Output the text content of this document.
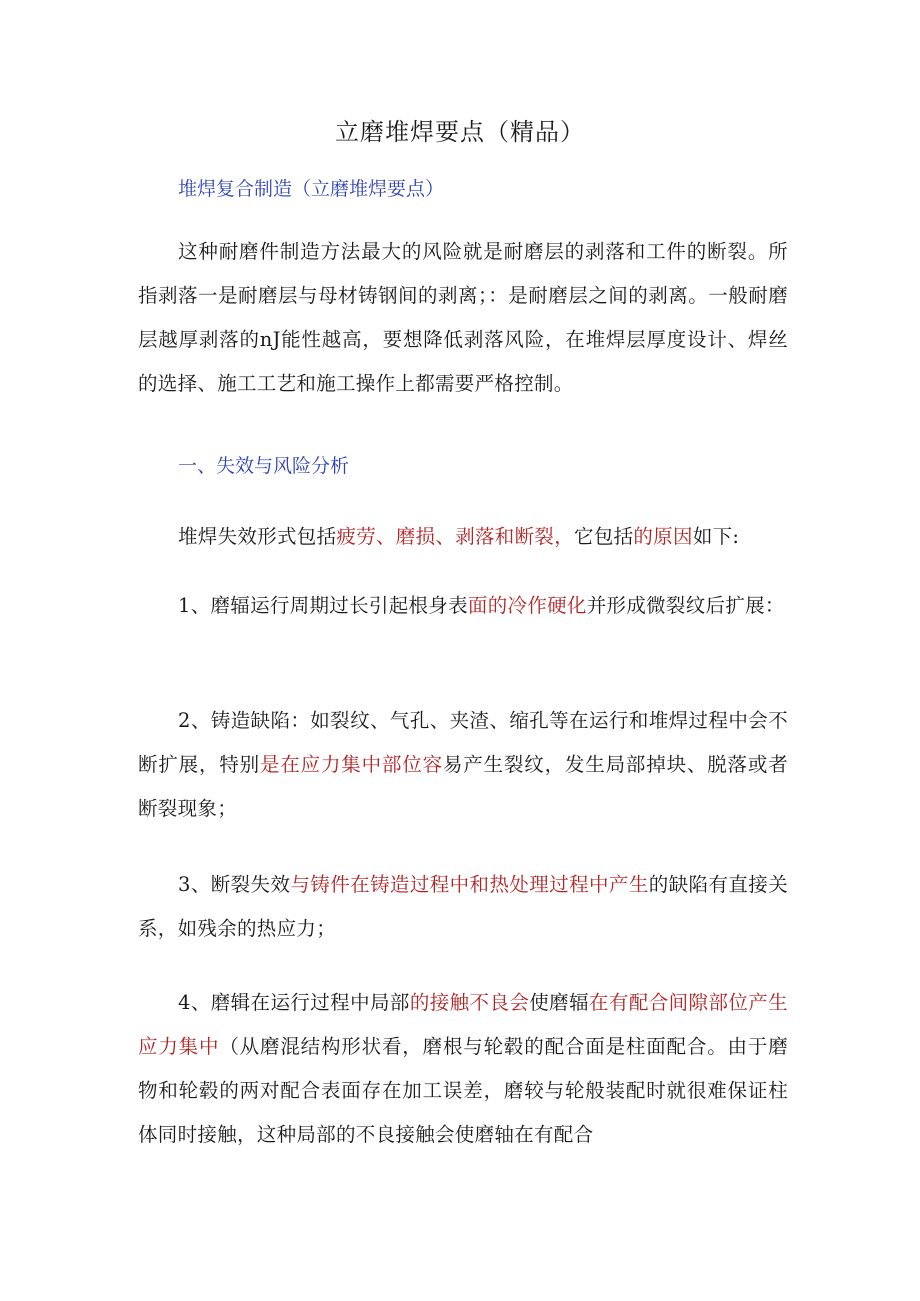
立磨堆焊要点（精品）
堆焊复合制造（立磨堆焊要点）
这种耐磨件制造方法最大的风险就是耐磨层的剥落和工件的断裂。所指剥落一是耐磨层与母材铸钢间的剥离；：是耐磨层之间的剥离。一般耐磨层越厚剥落的nJ能性越高，要想降低剥落风险，在堆焊层厚度设计、焊丝的选择、施工工艺和施工操作上都需要严格控制。
一、失效与风险分析
堆焊失效形式包括疲劳、磨损、剥落和断裂，它包括的原因如下:
1、磨辐运行周期过长引起根身表面的冷作硬化并形成微裂纹后扩展：
2、铸造缺陷：如裂纹、气孔、夹渣、缩孔等在运行和堆焊过程中会不断扩展，特别是在应力集中部位容易产生裂纹，发生局部掉块、脱落或者断裂现象；
3、断裂失效与铸件在铸造过程中和热处理过程中产生的缺陷有直接关系，如残余的热应力；
4、磨辑在运行过程中局部的接触不良会使磨辐在有配合间隙部位产生应力集中（从磨混结构形状看，磨根与轮毂的配合面是柱面配合。由于磨物和轮毂的两对配合表面存在加工误差，磨较与轮般装配时就很难保证柱体同时接触，这种局部的不良接触会使磨轴在有配合
